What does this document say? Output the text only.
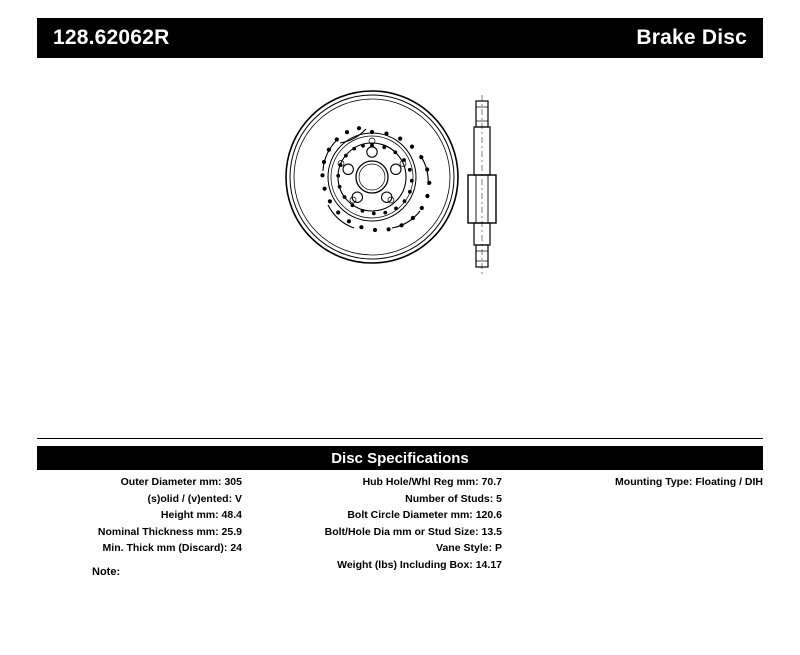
128.62062R	Brake Disc
Disc Specifications
Outer Diameter mm: 305
(s)olid / (v)ented: V
Height mm: 48.4
Nominal Thickness mm: 25.9
Min. Thick mm (Discard): 24
Hub Hole/Whl Reg mm: 70.7
Number of Studs: 5
Bolt Circle Diameter mm: 120.6
Bolt/Hole Dia mm or Stud Size: 13.5
Vane Style: P
Weight (lbs) Including Box: 14.17
Mounting Type: Floating / DIH
Note:
